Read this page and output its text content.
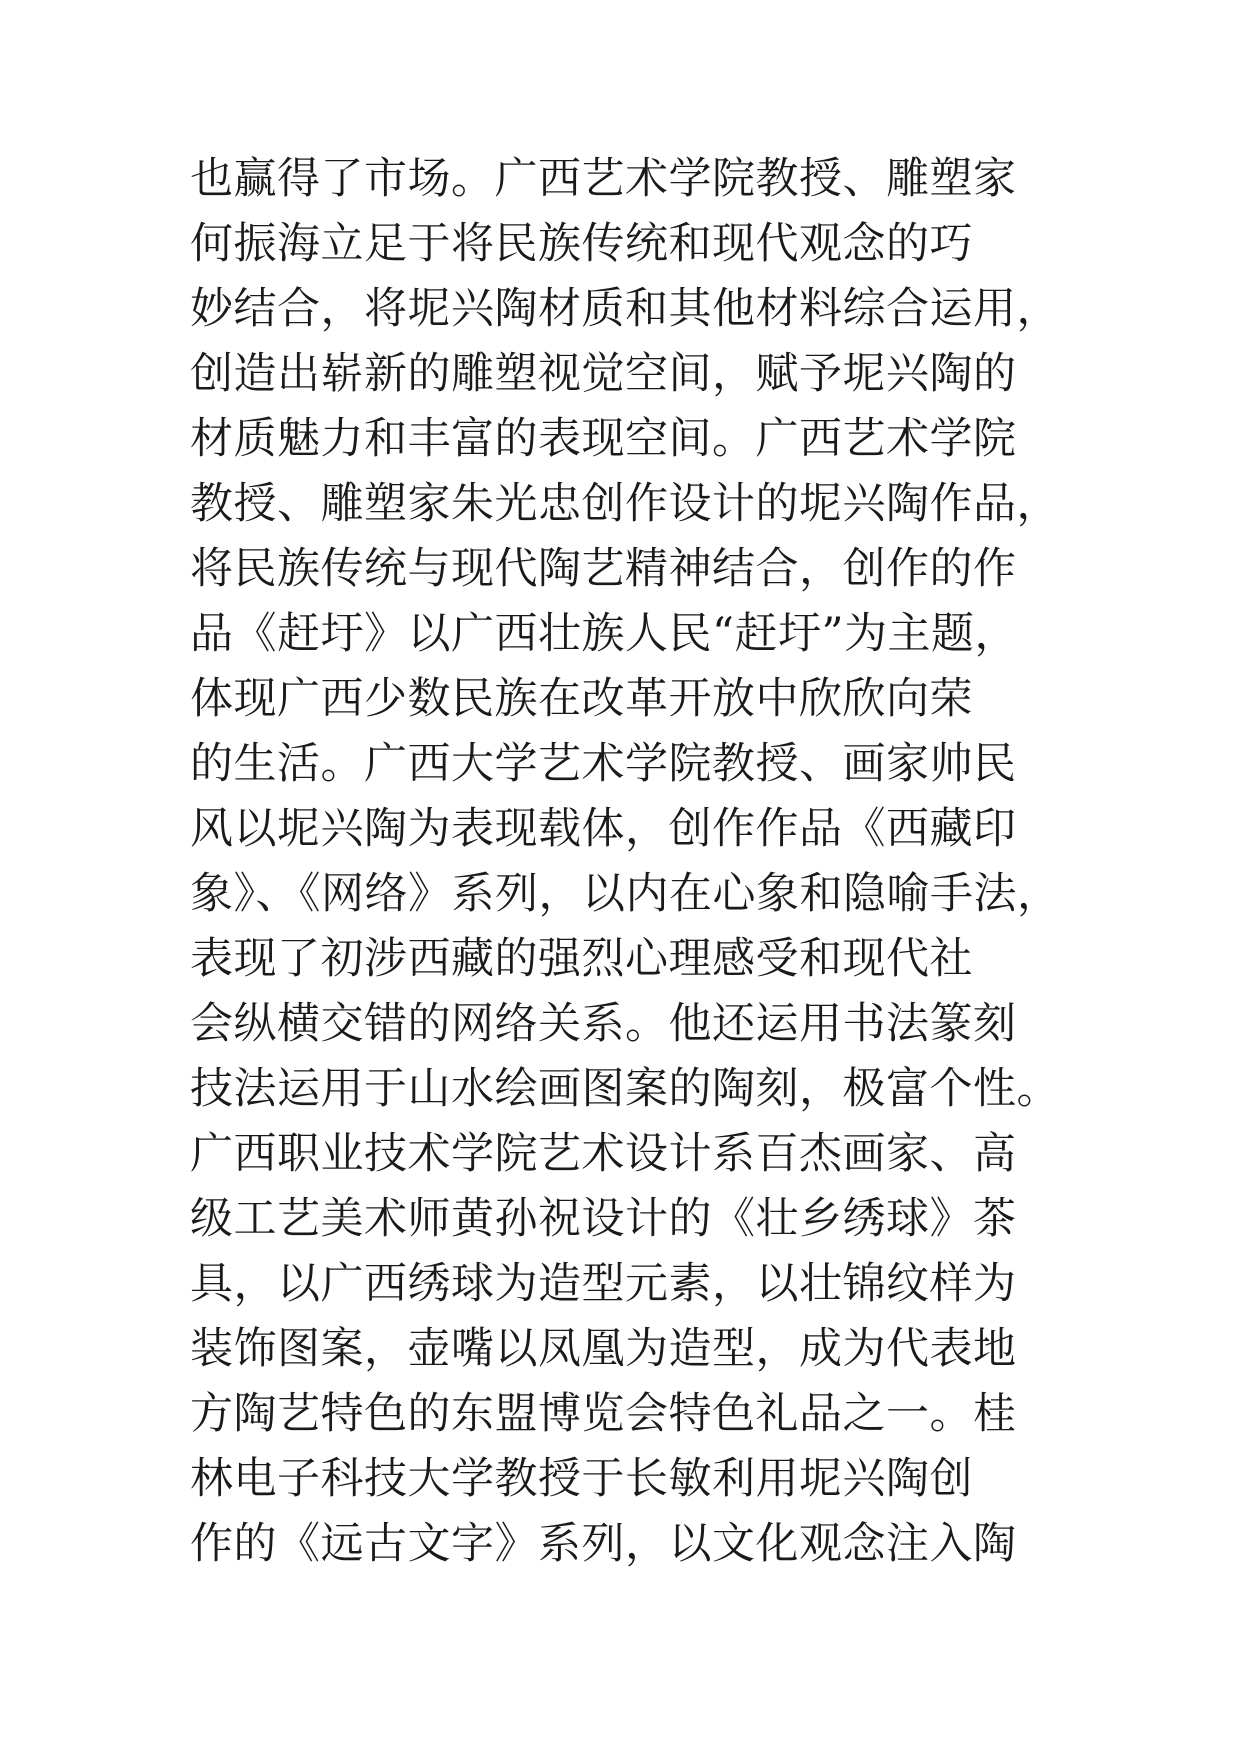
也赢得了市场。广西艺术学院教授、雕塑家
何振海立足于将民族传统和现代观念的巧
妙结合，将坭兴陶材质和其他材料综合运用，
创造出崭新的雕塑视觉空间，赋予坭兴陶的
材质魅力和丰富的表现空间。广西艺术学院
教授、雕塑家朱光忠创作设计的坭兴陶作品，
将民族传统与现代陶艺精神结合，创作的作
品《赶圩》以广西壮族人民“赶圩”为主题，
体现广西少数民族在改革开放中欣欣向荣
的生活。广西大学艺术学院教授、画家帅民
风以坭兴陶为表现载体，创作作品《西藏印
象》、《网络》系列，以内在心象和隐喻手法，
表现了初涉西藏的强烈心理感受和现代社
会纵横交错的网络关系。他还运用书法篆刻
技法运用于山水绘画图案的陶刻，极富个性。
广西职业技术学院艺术设计系百杰画家、高
级工艺美术师黄孙祝设计的《壮乡绣球》茶
具，以广西绣球为造型元素，以壮锦纹样为
装饰图案，壶嘴以凤凰为造型，成为代表地
方陶艺特色的东盟博览会特色礼品之一。桂
林电子科技大学教授于长敏利用坭兴陶创
作的《远古文字》系列，以文化观念注入陶
